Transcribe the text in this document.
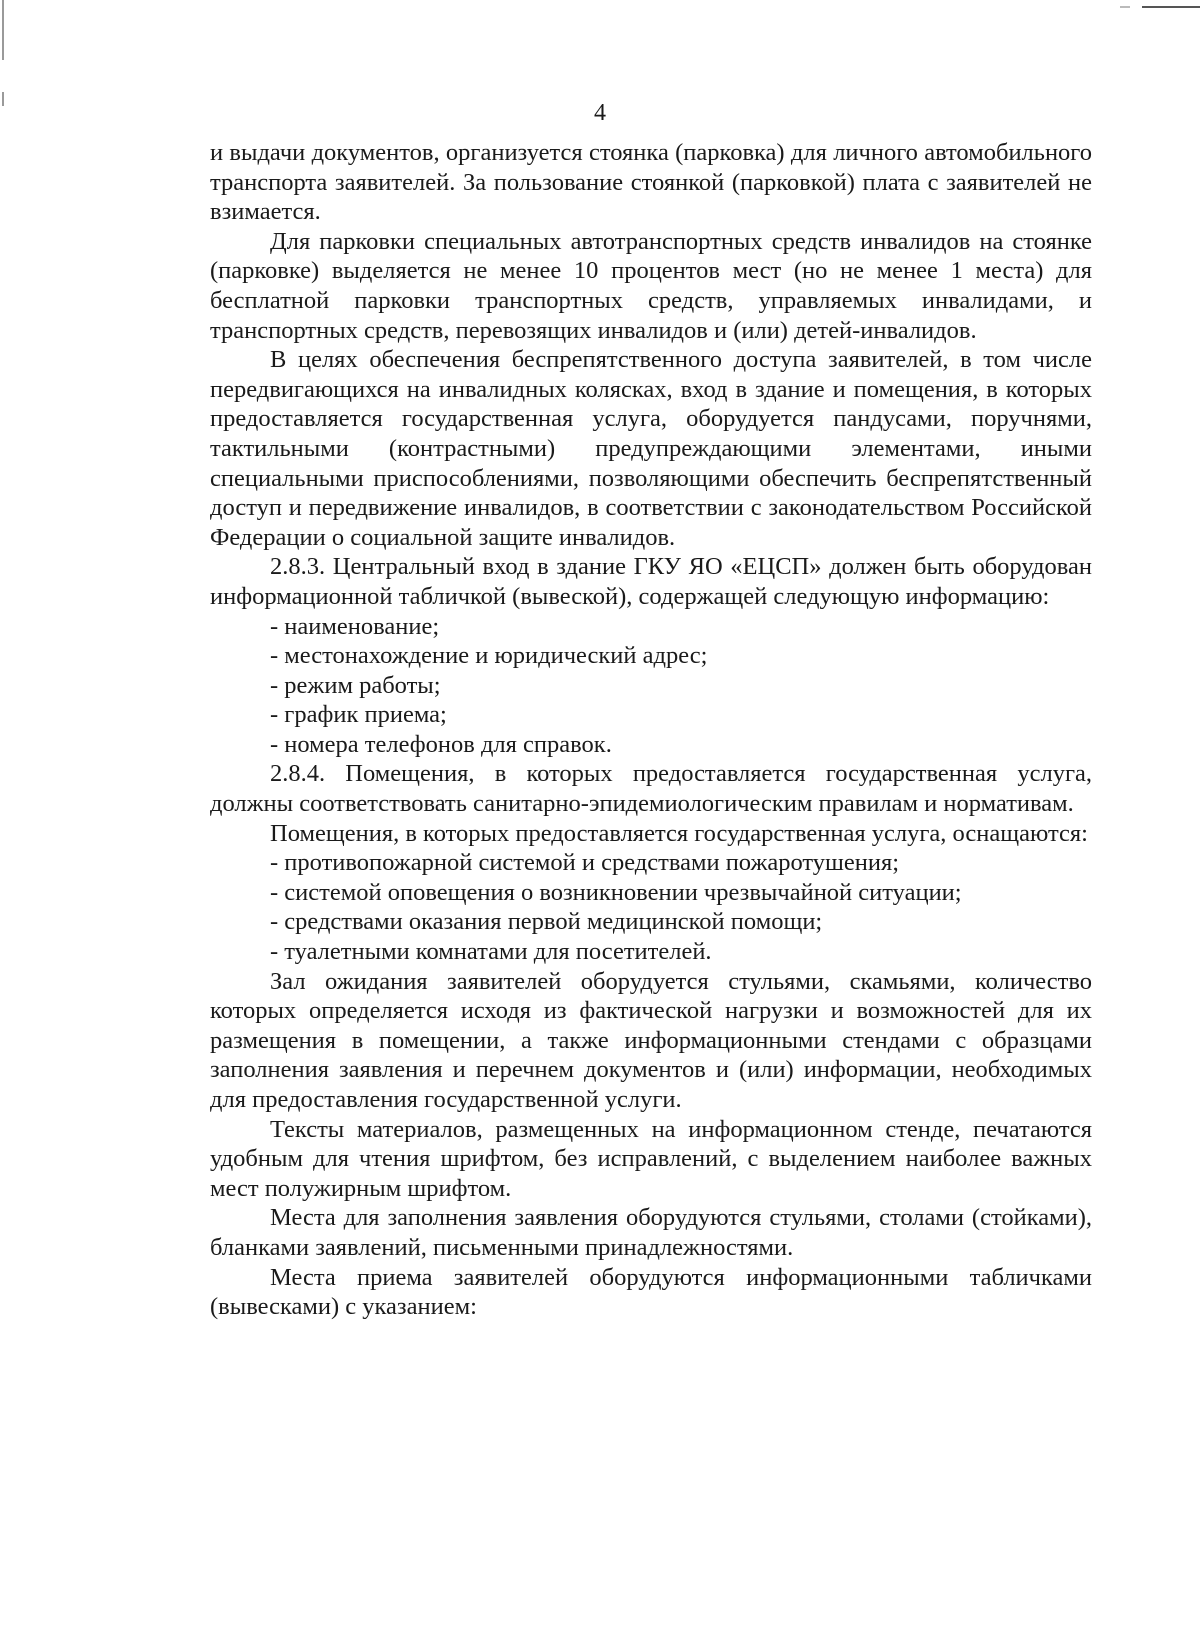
4

и выдачи документов, организуется стоянка (парковка) для личного автомобильного транспорта заявителей. За пользование стоянкой (парковкой) плата с заявителей не взимается.

Для парковки специальных автотранспортных средств инвалидов на стоянке (парковке) выделяется не менее 10 процентов мест (но не менее 1 места) для бесплатной парковки транспортных средств, управляемых инвалидами, и транспортных средств, перевозящих инвалидов и (или) детей-инвалидов.

В целях обеспечения беспрепятственного доступа заявителей, в том числе передвигающихся на инвалидных колясках, вход в здание и помещения, в которых предоставляется государственная услуга, оборудуется пандусами, поручнями, тактильными (контрастными) предупреждающими элементами, иными специальными приспособлениями, позволяющими обеспечить беспрепятственный доступ и передвижение инвалидов, в соответствии с законодательством Российской Федерации о социальной защите инвалидов.

2.8.3. Центральный вход в здание ГКУ ЯО «ЕЦСП» должен быть оборудован информационной табличкой (вывеской), содержащей следующую информацию:

- наименование;

- местонахождение и юридический адрес;

- режим работы;

- график приема;

- номера телефонов для справок.

2.8.4. Помещения, в которых предоставляется государственная услуга, должны соответствовать санитарно-эпидемиологическим правилам и нормативам.

Помещения, в которых предоставляется государственная услуга, оснащаются:

- противопожарной системой и средствами пожаротушения;

- системой оповещения о возникновении чрезвычайной ситуации;

- средствами оказания первой медицинской помощи;

- туалетными комнатами для посетителей.

Зал ожидания заявителей оборудуется стульями, скамьями, количество которых определяется исходя из фактической нагрузки и возможностей для их размещения в помещении, а также информационными стендами с образцами заполнения заявления и перечнем документов и (или) информации, необходимых для предоставления государственной услуги.

Тексты материалов, размещенных на информационном стенде, печатаются удобным для чтения шрифтом, без исправлений, с выделением наиболее важных мест полужирным шрифтом.

Места для заполнения заявления оборудуются стульями, столами (стойками), бланками заявлений, письменными принадлежностями.

Места приема заявителей оборудуются информационными табличками (вывесками) с указанием:
